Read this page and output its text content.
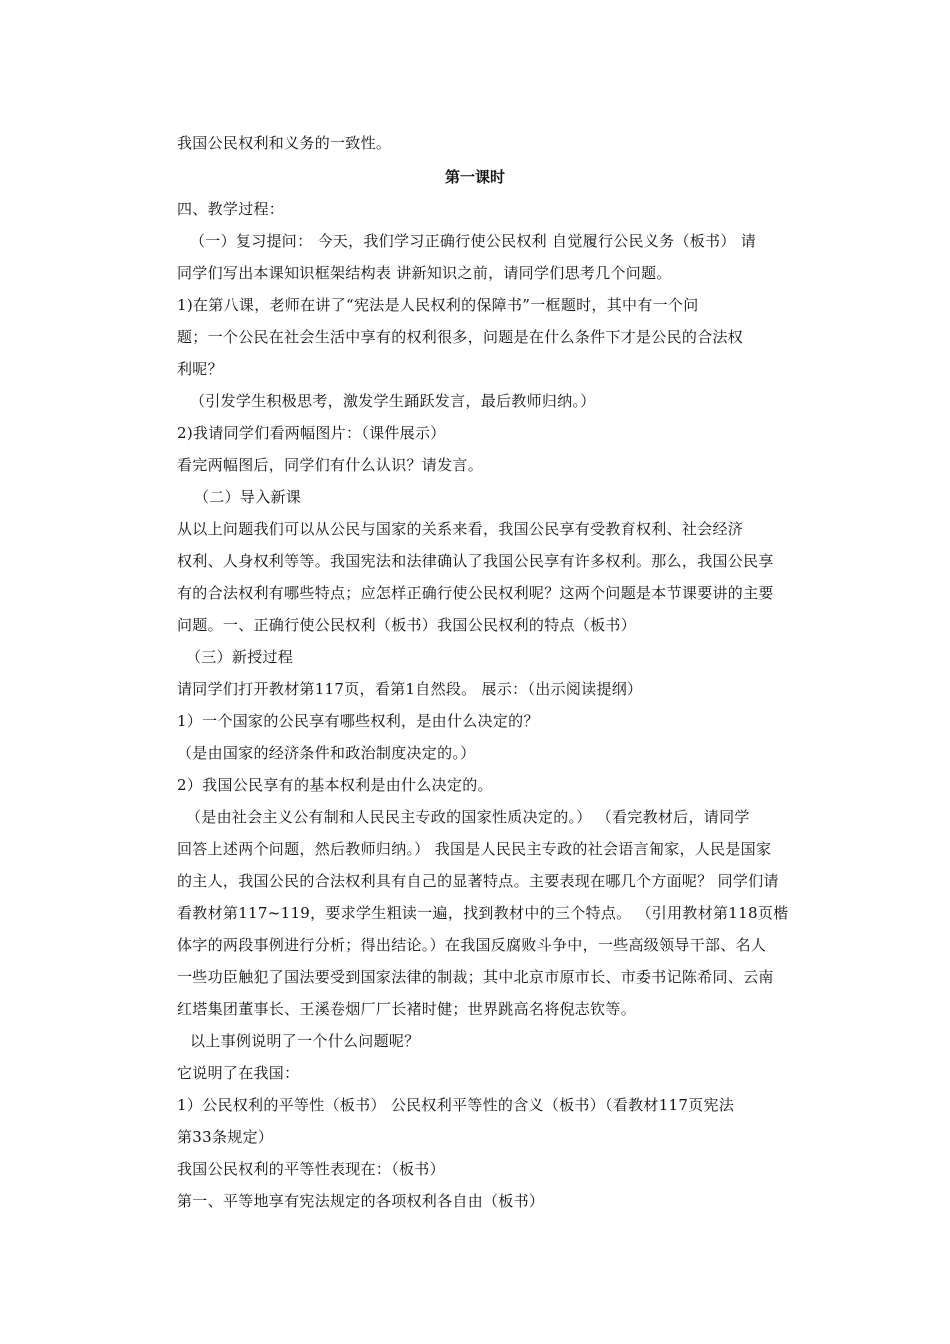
我国公民权利和义务的一致性。
第一课时
四、教学过程：
（一）复习提问： 今天，我们学习正确行使公民权利 自觉履行公民义务（板书） 请
同学们写出本课知识框架结构表 讲新知识之前，请同学们思考几个问题。
1)在第八课，老师在讲了“宪法是人民权利的保障书”一框题时，其中有一个问
题；一个公民在社会生活中享有的权利很多，问题是在什么条件下才是公民的合法权
利呢？
（引发学生积极思考，激发学生踊跃发言，最后教师归纳。）
2)我请同学们看两幅图片：（课件展示）
看完两幅图后，同学们有什么认识？请发言。
（二）导入新课
从以上问题我们可以从公民与国家的关系来看，我国公民享有受教育权利、社会经济
权利、人身权利等等。我国宪法和法律确认了我国公民享有许多权利。那么，我国公民享
有的合法权利有哪些特点；应怎样正确行使公民权利呢？这两个问题是本节课要讲的主要
问题。一、正确行使公民权利（板书）我国公民权利的特点（板书）
（三）新授过程
请同学们打开教材第117页，看第1自然段。 展示：（出示阅读提纲）
1）一个国家的公民享有哪些权利，是由什么决定的？
（是由国家的经济条件和政治制度决定的。）
2）我国公民享有的基本权利是由什么决定的。
（是由社会主义公有制和人民民主专政的国家性质决定的。） （看完教材后，请同学
回答上述两个问题，然后教师归纳。） 我国是人民民主专政的社会语言匍家，人民是国家
的主人，我国公民的合法权利具有自己的显著特点。主要表现在哪几个方面呢？ 同学们请
看教材第117~119，要求学生粗读一遍，找到教材中的三个特点。 （引用教材第118页楷
体字的两段事例进行分析；得出结论。）在我国反腐败斗争中，一些高级领导干部、名人
一些功臣触犯了国法要受到国家法律的制裁；其中北京市原市长、市委书记陈希同、云南
红塔集团董事长、王溪卷烟厂厂长褚时健；世界跳高名将倪志钦等。
以上事例说明了一个什么问题呢？
它说明了在我国：
1）公民权利的平等性（板书） 公民权利平等性的含义（板书）（看教材117页宪法
第33条规定）
我国公民权利的平等性表现在：（板书）
第一、平等地享有宪法规定的各项权利各自由（板书）
